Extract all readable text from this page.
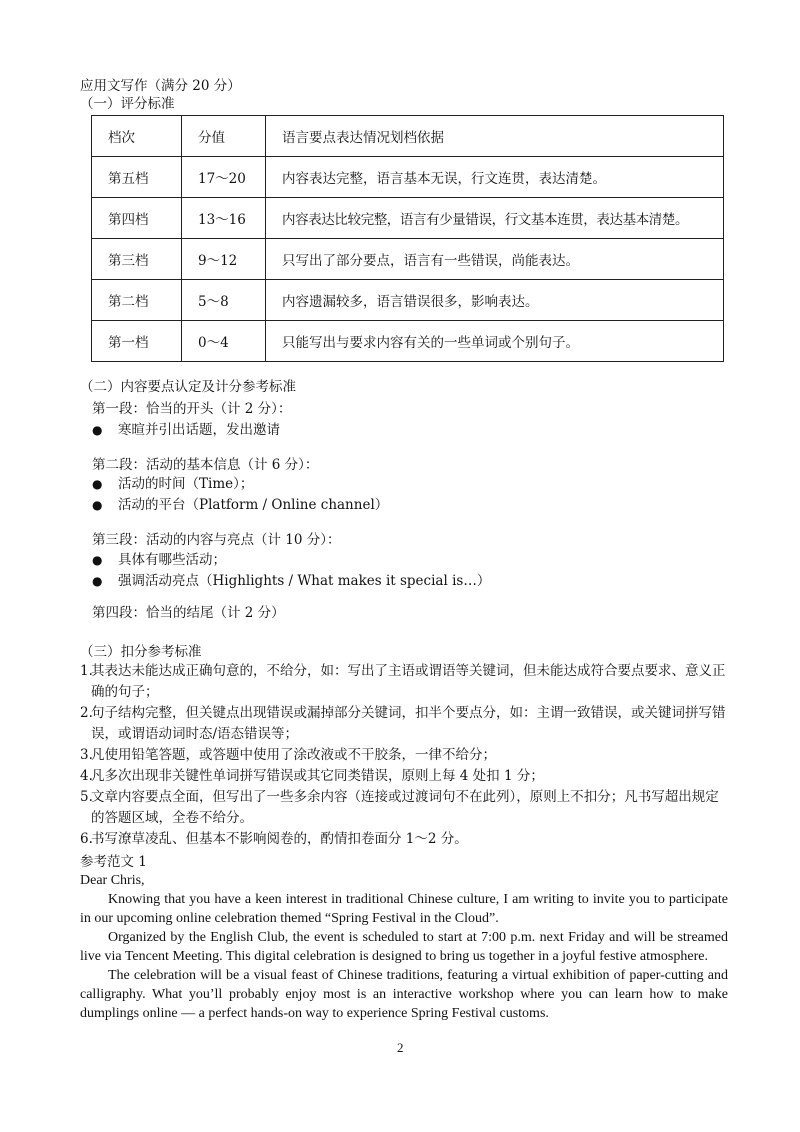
应用文写作（满分 20 分）
（一）评分标准
档次	分值	语言要点表达情况划档依据
第五档	17～20	内容表达完整，语言基本无误，行文连贯，表达清楚。
第四档	13～16	内容表达比较完整，语言有少量错误，行文基本连贯，表达基本清楚。
第三档	9～12	只写出了部分要点，语言有一些错误，尚能表达。
第二档	5～8	内容遗漏较多，语言错误很多，影响表达。
第一档	0～4	只能写出与要求内容有关的一些单词或个别句子。
（二）内容要点认定及计分参考标准
第一段：恰当的开头（计 2 分）：
● 寒暄并引出话题，发出邀请
第二段：活动的基本信息（计 6 分）：
● 活动的时间（Time）；
● 活动的平台（Platform / Online channel）
第三段：活动的内容与亮点（计 10 分）：
● 具体有哪些活动；
● 强调活动亮点（Highlights / What makes it special is…）
第四段：恰当的结尾（计 2 分）
（三）扣分参考标准
1.
其表达未能达成正确句意的，不给分，如：写出了主语或谓语等关键词，但未能达成符合要点要求、意义正确的句子；
2.
句子结构完整，但关键点出现错误或漏掉部分关键词，扣半个要点分，如：主谓一致错误，或关键词拼写错误，或谓语动词时态/语态错误等；
3.
凡使用铅笔答题，或答题中使用了涂改液或不干胶条，一律不给分；
4.
凡多次出现非关键性单词拼写错误或其它同类错误，原则上每 4 处扣 1 分；
5.
文章内容要点全面，但写出了一些多余内容（连接或过渡词句不在此列），原则上不扣分；凡书写超出规定的答题区域，全卷不给分。
6.
书写潦草凌乱、但基本不影响阅卷的，酌情扣卷面分 1～2 分。
参考范文 1
Dear Chris,

Knowing that you have a keen interest in traditional Chinese culture, I am writing to invite you to participate in our upcoming online celebration themed “Spring Festival in the Cloud”.

Organized by the English Club, the event is scheduled to start at 7:00 p.m. next Friday and will be streamed live via Tencent Meeting. This digital celebration is designed to bring us together in a joyful festive atmosphere.

The celebration will be a visual feast of Chinese traditions, featuring a virtual exhibition of paper-cutting and calligraphy. What you’ll probably enjoy most is an interactive workshop where you can learn how to make dumplings online — a perfect hands-on way to experience Spring Festival customs.

2
